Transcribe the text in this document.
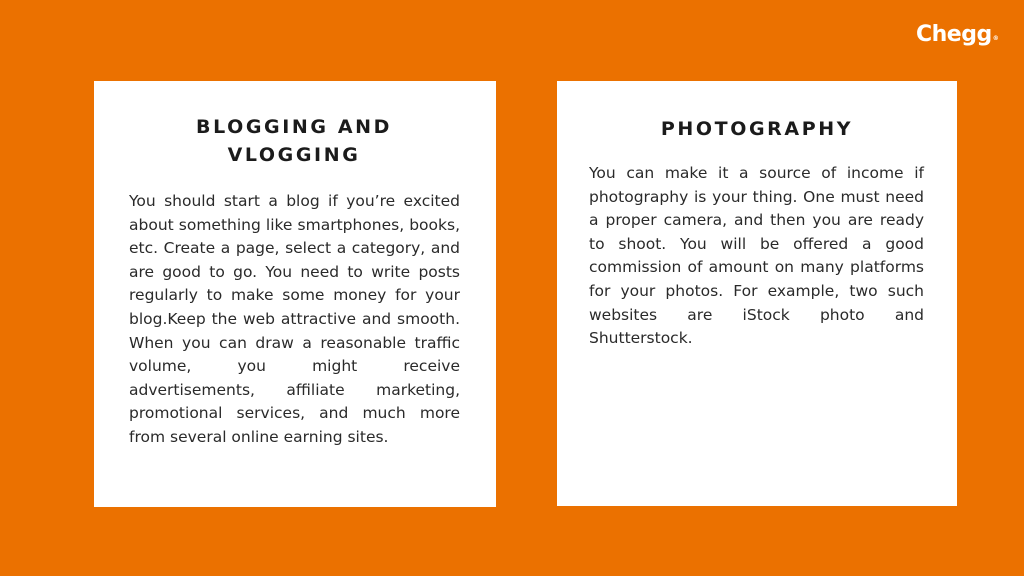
Chegg®
BLOGGING AND VLOGGING

You should start a blog if you’re excited about something like smartphones, books, etc. Create a page, select a category, and are good to go. You need to write posts regularly to make some money for your blog.Keep the web attractive and smooth. When you can draw a reasonable traffic volume, you might receive advertisements, affiliate marketing, promotional services, and much more from several online earning sites.

PHOTOGRAPHY

You can make it a source of income if photography is your thing. One must need a proper camera, and then you are ready to shoot. You will be offered a good commission of amount on many platforms for your photos. For example, two such websites are iStock photo and Shutterstock.
